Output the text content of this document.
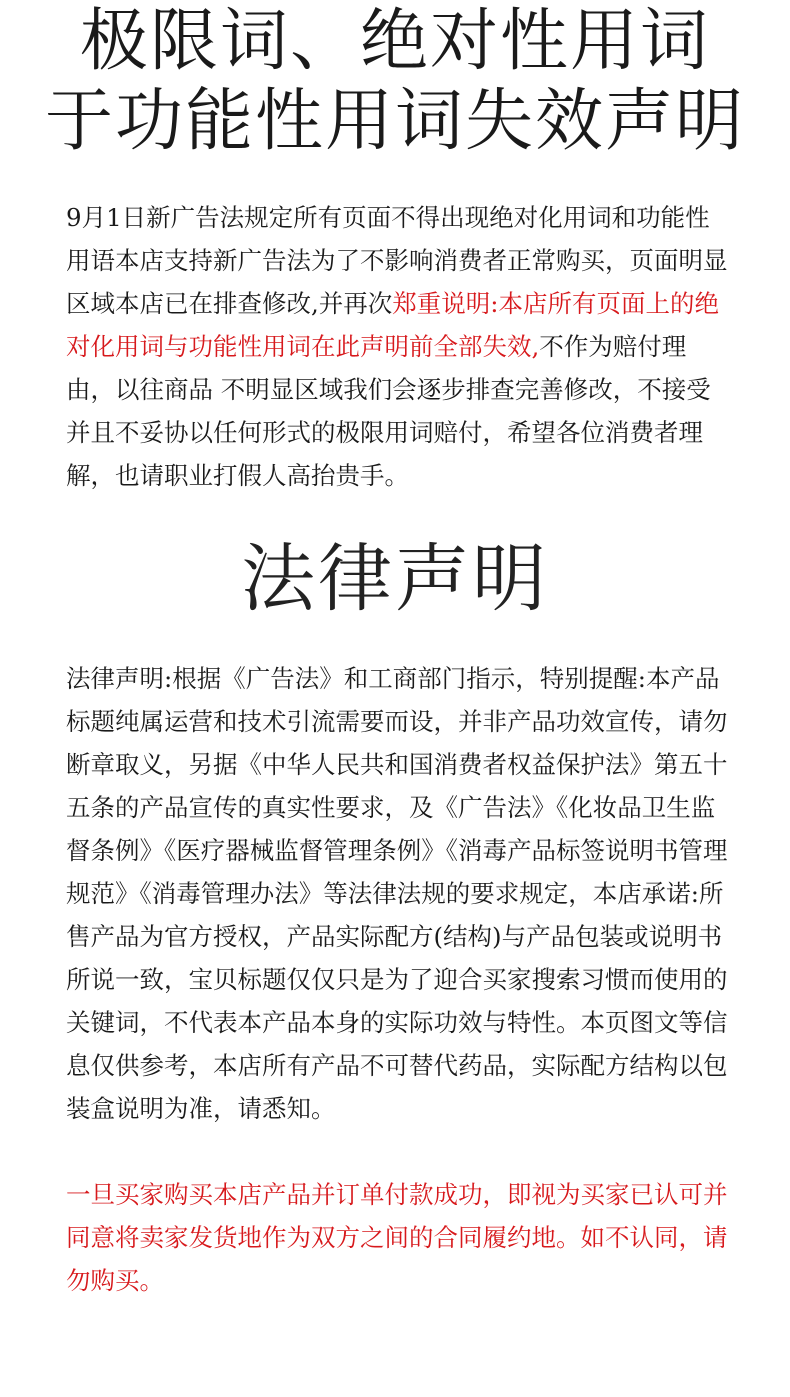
极限词、绝对性用词
于功能性用词失效声明

9月1日新广告法规定所有页面不得出现绝对化用词和功能性用语本店支持新广告法为了不影响消费者正常购买，页面明显区域本店已在排查修改,并再次郑重说明:本店所有页面上的绝对化用词与功能性用词在此声明前全部失效,不作为赔付理由，以往商品 不明显区域我们会逐步排查完善修改，不接受并且不妥协以任何形式的极限用词赔付，希望各位消费者理解，也请职业打假人高抬贵手。

法律声明

法律声明:根据《广告法》和工商部门指示，特别提醒:本产品标题纯属运营和技术引流需要而设，并非产品功效宣传，请勿断章取义，另据《中华人民共和国消费者权益保护法》第五十五条的产品宣传的真实性要求，及《广告法》《化妆品卫生监督条例》《医疗器械监督管理条例》《消毒产品标签说明书管理规范》《消毒管理办法》等法律法规的要求规定，本店承诺:所售产品为官方授权，产品实际配方(结构)与产品包装或说明书所说一致，宝贝标题仅仅只是为了迎合买家搜索习惯而使用的关键词，不代表本产品本身的实际功效与特性。本页图文等信息仅供参考，本店所有产品不可替代药品，实际配方结构以包装盒说明为准，请悉知。

一旦买家购买本店产品并订单付款成功，即视为买家已认可并同意将卖家发货地作为双方之间的合同履约地。如不认同，请勿购买。
